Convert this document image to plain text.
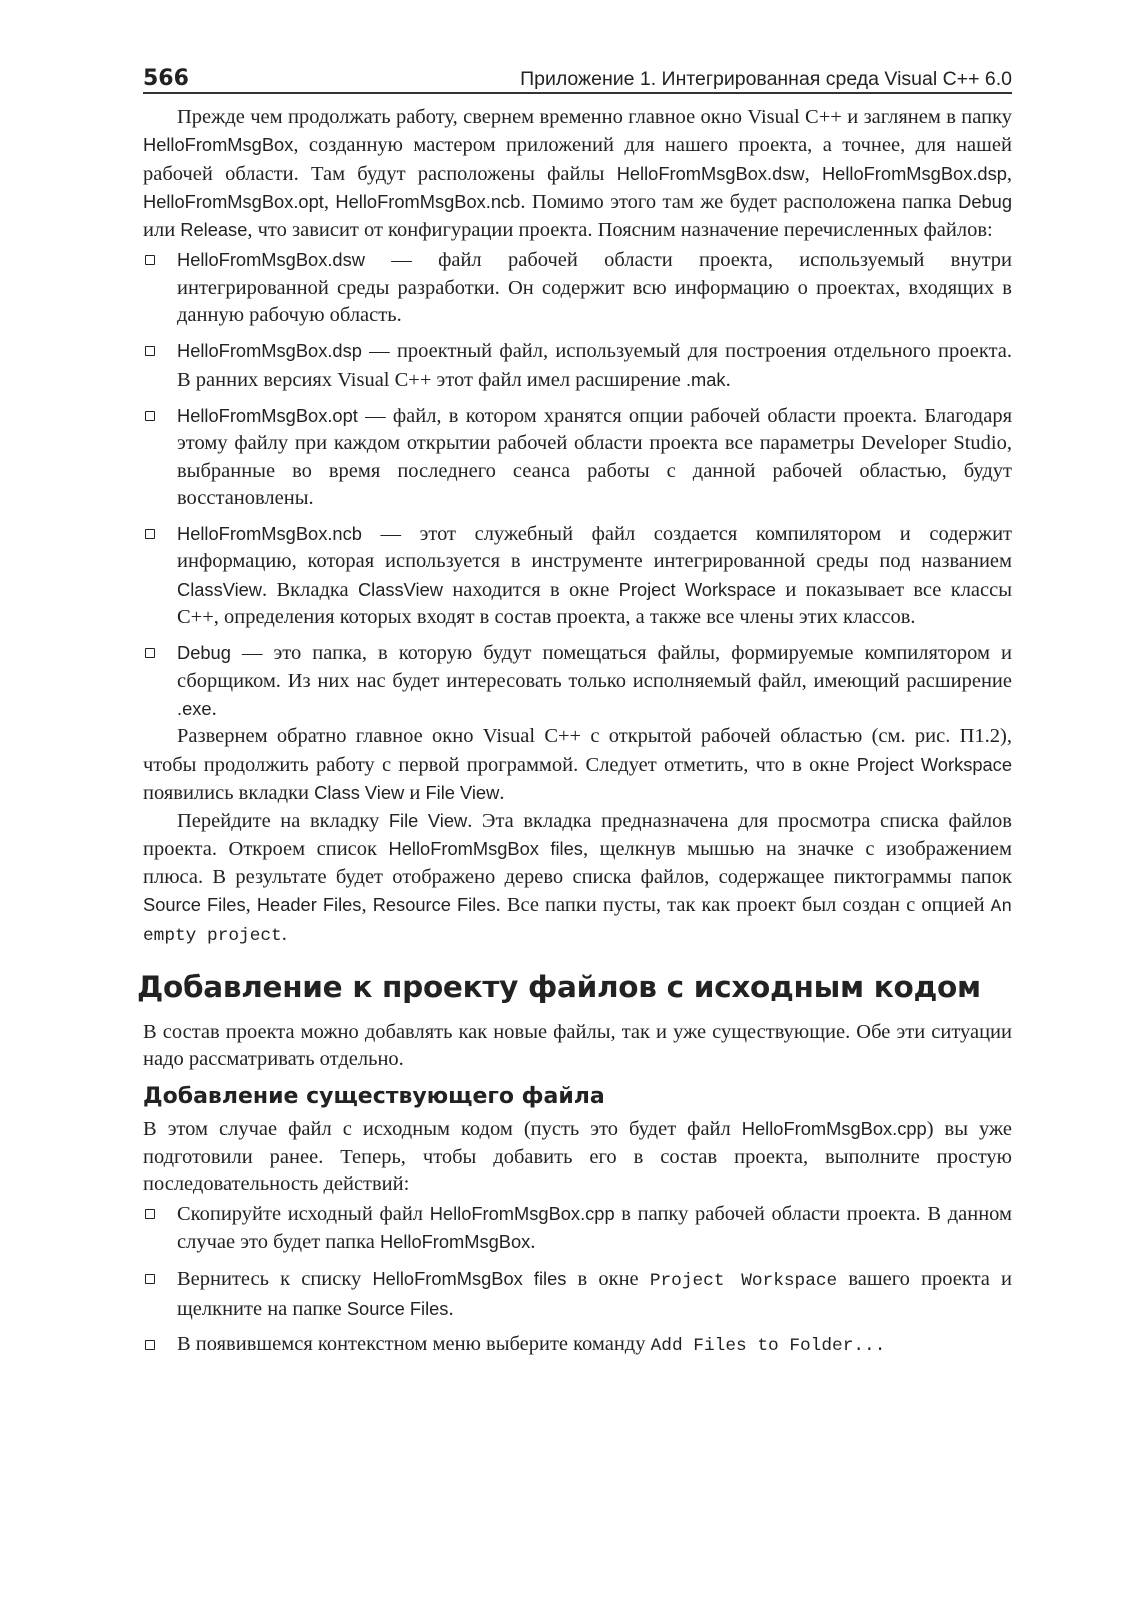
566	Приложение 1. Интегрированная среда Visual C++ 6.0

Прежде чем продолжать работу, свернем временно главное окно Visual C++ и заглянем в папку HelloFromMsgBox, созданную мастером приложений для нашего проекта, а точнее, для нашей рабочей области. Там будут расположены файлы HelloFromMsgBox.dsw, HelloFromMsgBox.dsp, HelloFromMsgBox.opt, HelloFromMsgBox.ncb. Помимо этого там же будет расположена папка Debug или Release, что зависит от конфигурации проекта. Поясним назначение перечисленных файлов:

HelloFromMsgBox.dsw — файл рабочей области проекта, используемый внутри интегрированной среды разработки. Он содержит всю информацию о проектах, входящих в данную рабочую область.
HelloFromMsgBox.dsp — проектный файл, используемый для построения отдельного проекта. В ранних версиях Visual C++ этот файл имел расширение .mak.
HelloFromMsgBox.opt — файл, в котором хранятся опции рабочей области проекта. Благодаря этому файлу при каждом открытии рабочей области проекта все параметры Developer Studio, выбранные во время последнего сеанса работы с данной рабочей областью, будут восстановлены.
HelloFromMsgBox.ncb — этот служебный файл создается компилятором и содержит информацию, которая используется в инструменте интегрированной среды под названием ClassView. Вкладка ClassView находится в окне Project Workspace и показывает все классы C++, определения которых входят в состав проекта, а также все члены этих классов.
Debug — это папка, в которую будут помещаться файлы, формируемые компилятором и сборщиком. Из них нас будет интересовать только исполняемый файл, имеющий расширение .exe.

Развернем обратно главное окно Visual C++ с открытой рабочей областью (см. рис. П1.2), чтобы продолжить работу с первой программой. Следует отметить, что в окне Project Workspace появились вкладки Class View и File View.

Перейдите на вкладку File View. Эта вкладка предназначена для просмотра списка файлов проекта. Откроем список HelloFromMsgBox files, щелкнув мышью на значке с изображением плюса. В результате будет отображено дерево списка файлов, содержащее пиктограммы папок Source Files, Header Files, Resource Files. Все папки пусты, так как проект был создан с опцией An empty project.

Добавление к проекту файлов с исходным кодом

В состав проекта можно добавлять как новые файлы, так и уже существующие. Обе эти ситуации надо рассматривать отдельно.

Добавление существующего файла

В этом случае файл с исходным кодом (пусть это будет файл HelloFromMsgBox.cpp) вы уже подготовили ранее. Теперь, чтобы добавить его в состав проекта, выполните простую последовательность действий:

Скопируйте исходный файл HelloFromMsgBox.cpp в папку рабочей области проекта. В данном случае это будет папка HelloFromMsgBox.
Вернитесь к списку HelloFromMsgBox files в окне Project Workspace вашего проекта и щелкните на папке Source Files.
В появившемся контекстном меню выберите команду Add Files to Folder...
